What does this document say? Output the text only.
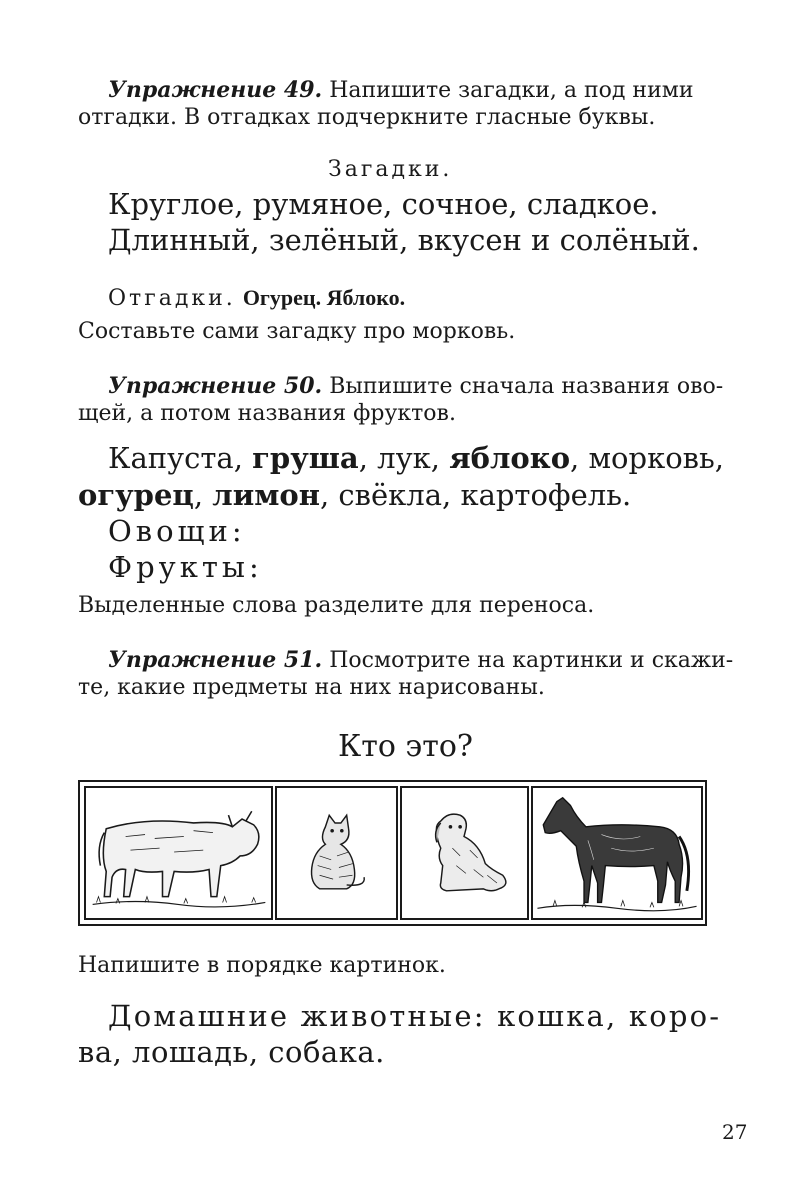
Упражнение 49. Напишите загадки, а под ними
отгадки. В отгадках подчеркните гласные буквы.
Загадки.
Круглое, румяное, сочное, сладкое.
Длинный, зелёный, вкусен и солёный.
Отгадки. Огурец. Яблоко.
Составьте сами загадку про морковь.
Упражнение 50. Выпишите сначала названия ово-
щей, а потом названия фруктов.
Капуста, груша, лук, яблоко, морковь,
огурец, лимон, свёкла, картофель.
Овощи:
Фрукты:
Выделенные слова разделите для переноса.
Упражнение 51. Посмотрите на картинки и скажи-
те, какие предметы на них нарисованы.
Кто это?
Напишите в порядке картинок.
Домашние животные: кошка, коро-
ва, лошадь, собака.
27
